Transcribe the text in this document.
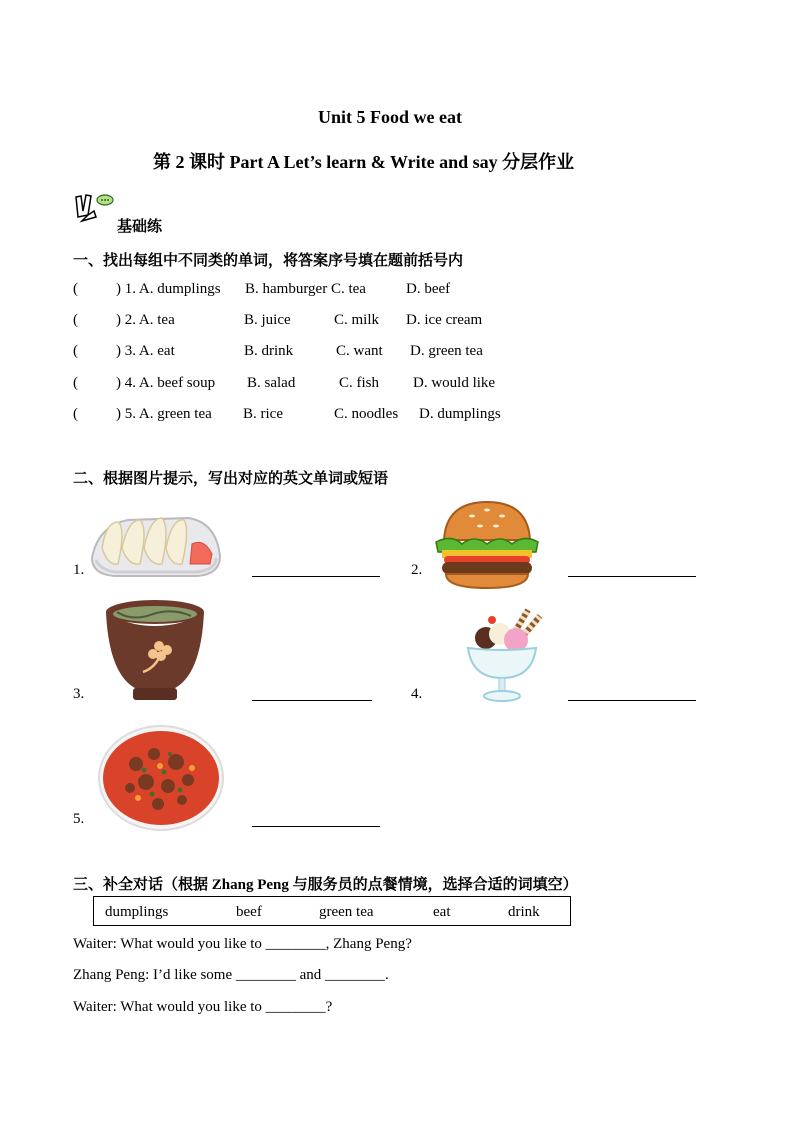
Unit 5 Food we eat
第 2 课时 Part A Let’s learn & Write and say 分层作业
基础练
一、找出每组中不同类的单词，将答案序号填在题前括号内
(	) 1. A. dumplings B. hamburger C. tea	D. beef
(	) 2. A. tea	B. juice	C. milk D. ice cream
(	) 3. A. eat	B. drink	C. want D. green tea
(	) 4. A. beef soup B. salad	C. fish D. would like
(	) 5. A. green tea B. rice	C. noodles D. dumplings
二、根据图片提示，写出对应的英文单词或短语
1.	2.
3.	4.
5.
三、补全对话（根据 Zhang Peng 与服务员的点餐情境，选择合适的词填空）
dumplings	beef	green tea	eat	drink
Waiter: What would you like to ________, Zhang Peng?
Zhang Peng: I’d like some ________ and ________.
Waiter: What would you like to ________?
